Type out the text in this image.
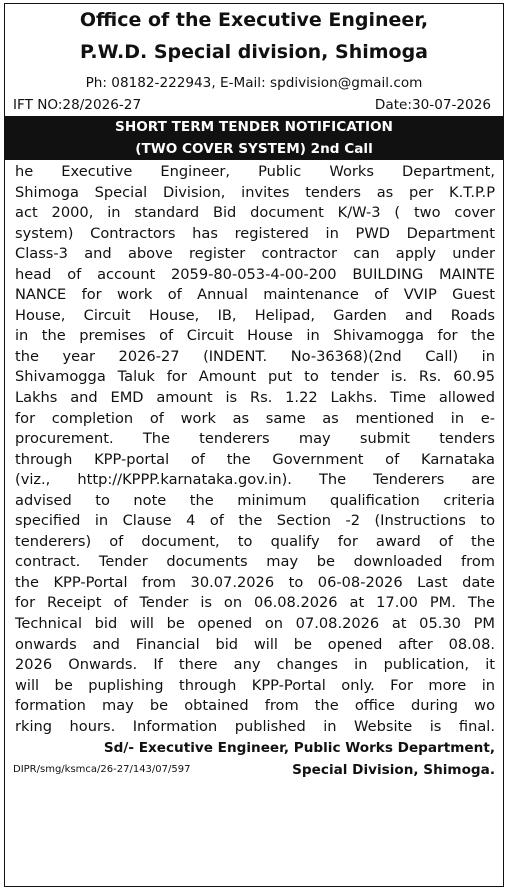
Office of the Executive Engineer,
P.W.D. Special division, Shimoga
Ph: 08182-222943, E-Mail: spdivision@gmail.com
IFT NO:28/2026-27	Date:30-07-2026
SHORT TERM TENDER NOTIFICATION
(TWO COVER SYSTEM) 2nd Call
he Executive Engineer, Public Works Department,
Shimoga Special Division, invites tenders as per K.T.P.P
act 2000, in standard Bid document K/W-3 ( two cover
system) Contractors has registered in PWD Department
Class-3 and above register contractor can apply under
head of account 2059-80-053-4-00-200 BUILDING MAINTE
NANCE for work of Annual maintenance of VVIP Guest
House, Circuit House, IB, Helipad, Garden and Roads
in the premises of Circuit House in Shivamogga for the
the year 2026-27 (INDENT. No-36368)(2nd Call) in
Shivamogga Taluk for Amount put to tender is. Rs. 60.95
Lakhs and EMD amount is Rs. 1.22 Lakhs. Time allowed
for completion of work as same as mentioned in e-
procurement. The tenderers may submit tenders
through KPP-portal of the Government of Karnataka
(viz., http://KPPP.karnataka.gov.in). The Tenderers are
advised to note the minimum qualification criteria
specified in Clause 4 of the Section -2 (Instructions to
tenderers) of document, to qualify for award of the
contract. Tender documents may be downloaded from
the KPP-Portal from 30.07.2026 to 06-08-2026 Last date
for Receipt of Tender is on 06.08.2026 at 17.00 PM. The
Technical bid will be opened on 07.08.2026 at 05.30 PM
onwards and Financial bid will be opened after 08.08.
2026 Onwards. If there any changes in publication, it
will be puplishing through KPP-Portal only. For more in
formation may be obtained from the office during wo
rking hours. Information published in Website is final.
Sd/- Executive Engineer, Public Works Department,
DIPR/smg/ksmca/26-27/143/07/597	Special Division, Shimoga.
